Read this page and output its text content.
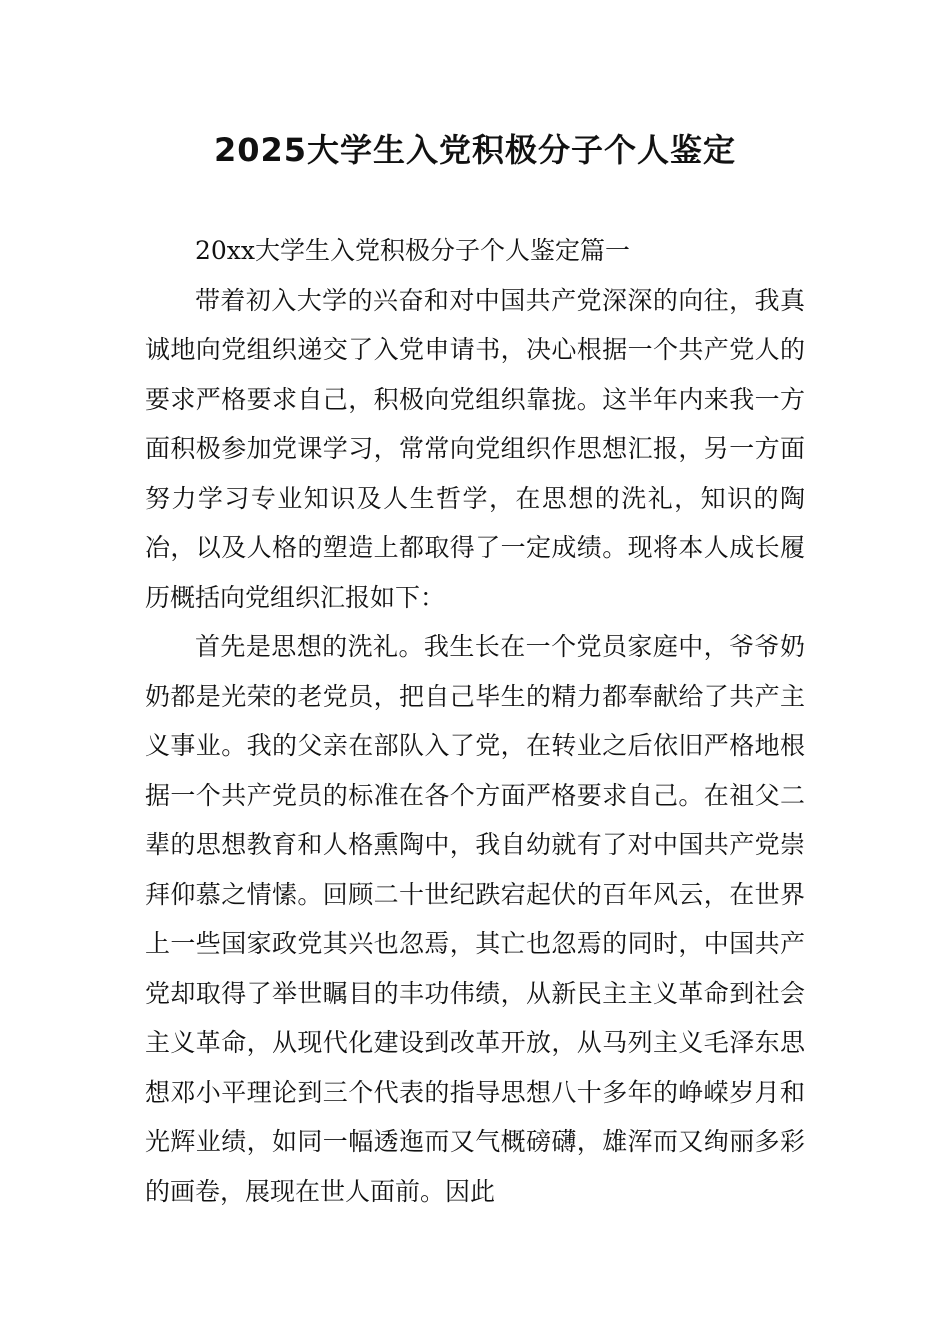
2025大学生入党积极分子个人鉴定

20xx大学生入党积极分子个人鉴定篇一

带着初入大学的兴奋和对中国共产党深深的向往，我真诚地向党组织递交了入党申请书，决心根据一个共产党人的要求严格要求自己，积极向党组织靠拢。这半年内来我一方面积极参加党课学习，常常向党组织作思想汇报，另一方面努力学习专业知识及人生哲学，在思想的洗礼，知识的陶冶，以及人格的塑造上都取得了一定成绩。现将本人成长履历概括向党组织汇报如下：

首先是思想的洗礼。我生长在一个党员家庭中，爷爷奶奶都是光荣的老党员，把自己毕生的精力都奉献给了共产主义事业。我的父亲在部队入了党，在转业之后依旧严格地根据一个共产党员的标准在各个方面严格要求自己。在祖父二辈的思想教育和人格熏陶中，我自幼就有了对中国共产党崇拜仰慕之情愫。回顾二十世纪跌宕起伏的百年风云，在世界上一些国家政党其兴也忽焉，其亡也忽焉的同时，中国共产党却取得了举世瞩目的丰功伟绩，从新民主主义革命到社会主义革命，从现代化建设到改革开放，从马列主义毛泽东思想邓小平理论到三个代表的指导思想八十多年的峥嵘岁月和光辉业绩，如同一幅透迤而又气概磅礴，雄浑而又绚丽多彩的画卷，展现在世人面前。因此
